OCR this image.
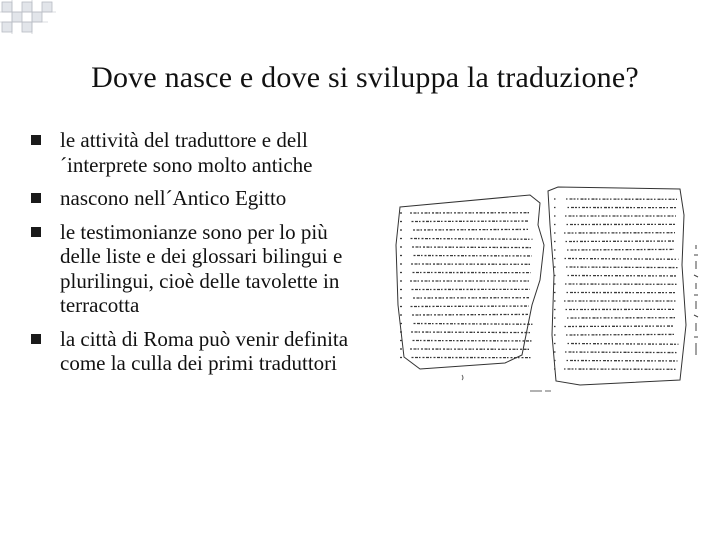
Dove nasce e dove si sviluppa la traduzione?
le attività del traduttore e dell´interprete sono molto antiche
nascono nell´Antico Egitto
le testimonianze sono per lo più delle liste e dei glossari bilingui e plurilingui, cioè delle tavolette in terracotta
la città di Roma può venir definita come la culla dei primi traduttori
